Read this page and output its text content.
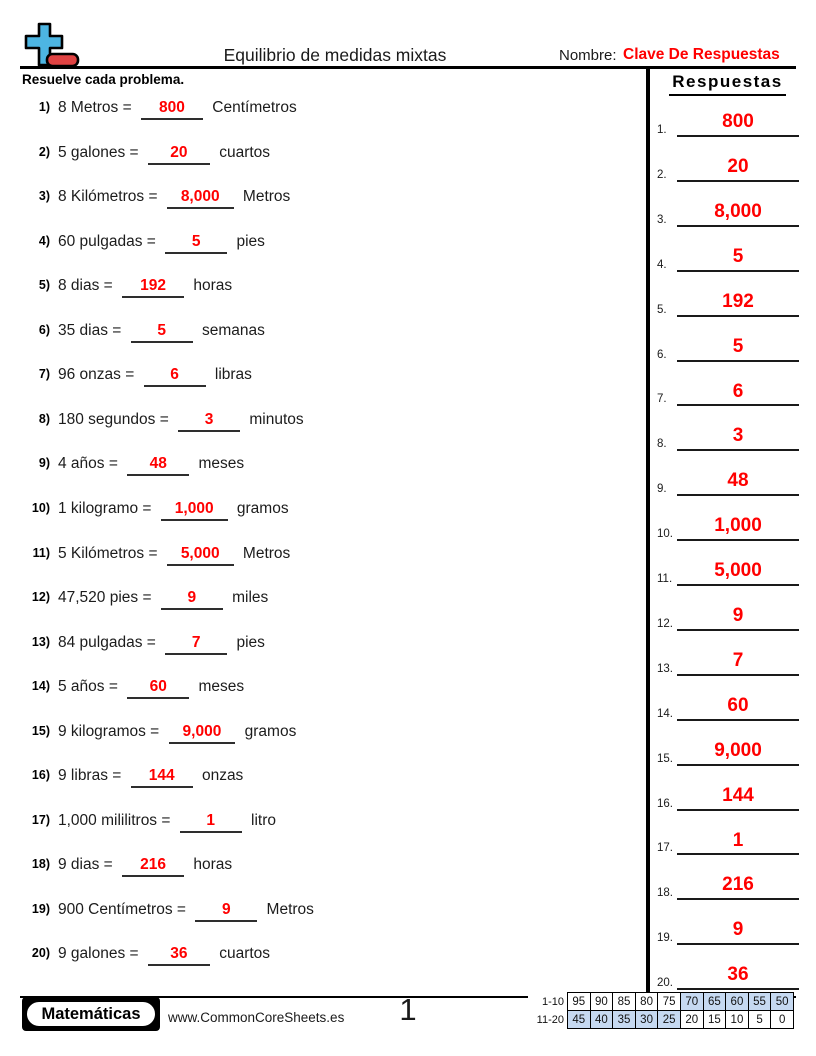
Equilibrio de medidas mixtas	Nombre: Clave De Respuestas
Resuelve cada problema.
1) 8 Metros = 800 Centímetros
2) 5 galones = 20 cuartos
3) 8 Kilómetros = 8,000 Metros
4) 60 pulgadas = 5 pies
5) 8 dias = 192 horas
6) 35 dias = 5 semanas
7) 96 onzas = 6 libras
8) 180 segundos = 3 minutos
9) 4 años = 48 meses
10) 1 kilogramo = 1,000 gramos
11) 5 Kilómetros = 5,000 Metros
12) 47,520 pies = 9 miles
13) 84 pulgadas = 7 pies
14) 5 años = 60 meses
15) 9 kilogramos = 9,000 gramos
16) 9 libras = 144 onzas
17) 1,000 mililitros = 1 litro
18) 9 dias = 216 horas
19) 900 Centímetros = 9 Metros
20) 9 galones = 36 cuartos
Respuestas
1.	800
2.	20
3.	8,000
4.	5
5.	192
6.	5
7.	6
8.	3
9.	48
10.	1,000
11.	5,000
12.	9
13.	7
14.	60
15.	9,000
16.	144
17.	1
18.	216
19.	9
20.	36
Matemáticas	www.CommonCoreSheets.es	1	1-10 95 90 85 80 75 70 65 60 55 50
11-20 45 40 35 30 25 20 15 10	5	0
